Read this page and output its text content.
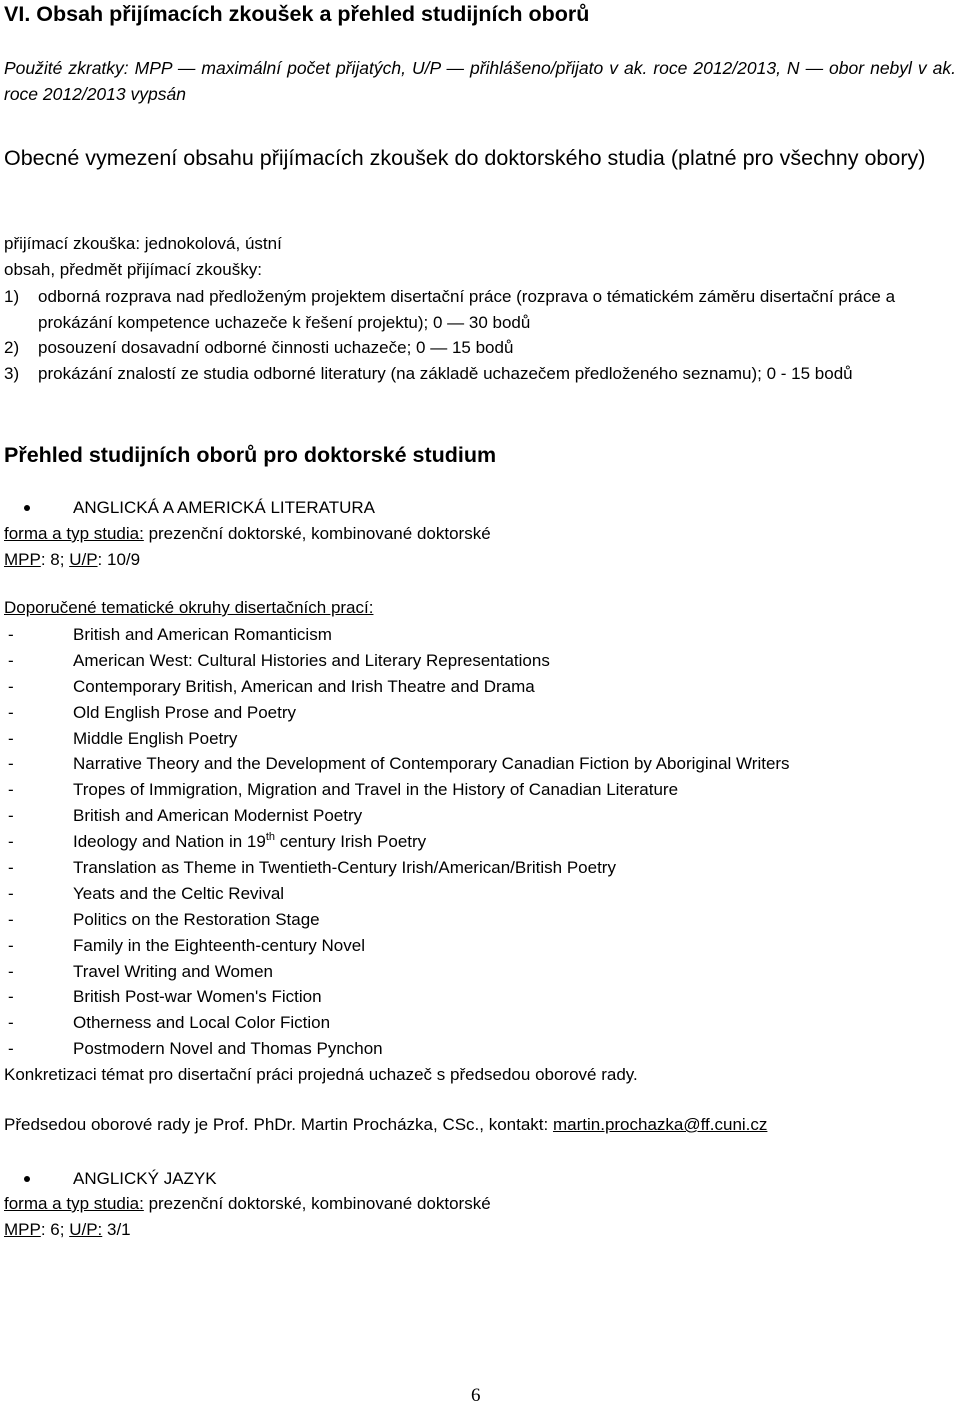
VI. Obsah přijímacích zkoušek a přehled studijních oborů
Použité zkratky: MPP — maximální počet přijatých, U/P — přihlášeno/přijato v ak. roce 2012/2013, N — obor nebyl v ak. roce 2012/2013 vypsán
Obecné vymezení obsahu přijímacích zkoušek do doktorského studia (platné pro všechny obory)
přijímací zkouška: jednokolová, ústní
obsah, předmět přijímací zkoušky:
1) odborná rozprava nad předloženým projektem disertační práce (rozprava o tématickém záměru disertační práce a prokázání kompetence uchazeče k řešení projektu); 0 — 30 bodů
2) posouzení dosavadní odborné činnosti uchazeče; 0 — 15 bodů
3) prokázání znalostí ze studia odborné literatury (na základě uchazečem předloženého seznamu); 0 - 15 bodů
Přehled studijních oborů pro doktorské studium
ANGLICKÁ A AMERICKÁ LITERATURA
forma a typ studia: prezenční doktorské, kombinované doktorské
MPP: 8; U/P: 10/9
Doporučené tematické okruhy disertačních prací:
-	British and American Romanticism
-	American West: Cultural Histories and Literary Representations
-	Contemporary British, American and Irish Theatre and Drama
-	Old English Prose and Poetry
-	Middle English Poetry
-	Narrative Theory and the Development of Contemporary Canadian Fiction by Aboriginal Writers
-	Tropes of Immigration, Migration and Travel in the History of Canadian Literature
-	British and American Modernist Poetry
-	Ideology and Nation in 19th century Irish Poetry
-	Translation as Theme in Twentieth-Century Irish/American/British Poetry
-	Yeats and the Celtic Revival
-	Politics on the Restoration Stage
-	Family in the Eighteenth-century Novel
-	Travel Writing and Women
-	British Post-war Women's Fiction
-	Otherness and Local Color Fiction
-	Postmodern Novel and Thomas Pynchon
Konkretizaci témat pro disertační práci projedná uchazeč s předsedou oborové rady.
Předsedou oborové rady je Prof. PhDr. Martin Procházka, CSc., kontakt: martin.prochazka@ff.cuni.cz
ANGLICKÝ JAZYK
forma a typ studia: prezenční doktorské, kombinované doktorské
MPP: 6; U/P: 3/1
6
